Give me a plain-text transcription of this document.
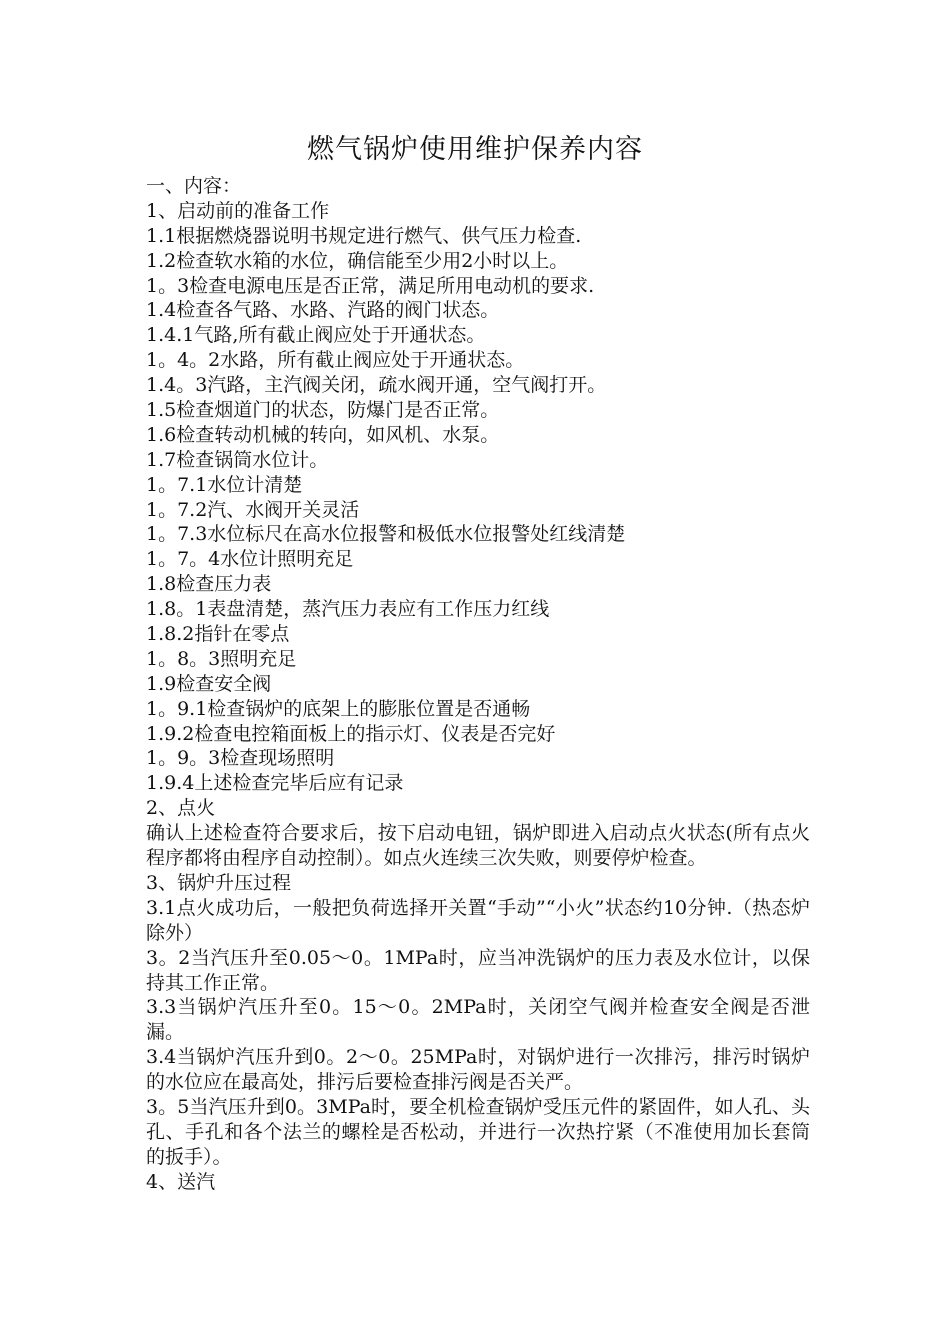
燃气锅炉使用维护保养内容
一、内容：
1、启动前的准备工作
1.1根据燃烧器说明书规定进行燃气、供气压力检查.
1.2检查软水箱的水位，确信能至少用2小时以上。
1。3检查电源电压是否正常，满足所用电动机的要求.
1.4检查各气路、水路、汽路的阀门状态。
1.4.1气路,所有截止阀应处于开通状态。
1。4。2水路，所有截止阀应处于开通状态。
1.4。3汽路，主汽阀关闭，疏水阀开通，空气阀打开。
1.5检查烟道门的状态，防爆门是否正常。
1.6检查转动机械的转向，如风机、水泵。
1.7检查锅筒水位计。
1。7.1水位计清楚
1。7.2汽、水阀开关灵活
1。7.3水位标尺在高水位报警和极低水位报警处红线清楚
1。7。4水位计照明充足
1.8检查压力表
1.8。1表盘清楚，蒸汽压力表应有工作压力红线
1.8.2指针在零点
1。8。3照明充足
1.9检查安全阀
1。9.1检查锅炉的底架上的膨胀位置是否通畅
1.9.2检查电控箱面板上的指示灯、仪表是否完好
1。9。3检查现场照明
1.9.4上述检查完毕后应有记录
2、点火
确认上述检查符合要求后，按下启动电钮，锅炉即进入启动点火状态(所有点火程序都将由程序自动控制）。如点火连续三次失败，则要停炉检查。
3、锅炉升压过程
3.1点火成功后，一般把负荷选择开关置“手动”“小火”状态约10分钟.（热态炉除外）
3。2当汽压升至0.05～0。1MPa时，应当冲洗锅炉的压力表及水位计，以保持其工作正常。
3.3当锅炉汽压升至0。15～0。2MPa时，关闭空气阀并检查安全阀是否泄漏。
3.4当锅炉汽压升到0。2～0。25MPa时，对锅炉进行一次排污，排污时锅炉的水位应在最高处，排污后要检查排污阀是否关严。
3。5当汽压升到0。3MPa时，要全机检查锅炉受压元件的紧固件，如人孔、头孔、手孔和各个法兰的螺栓是否松动，并进行一次热拧紧（不准使用加长套筒的扳手）。
4、送汽
